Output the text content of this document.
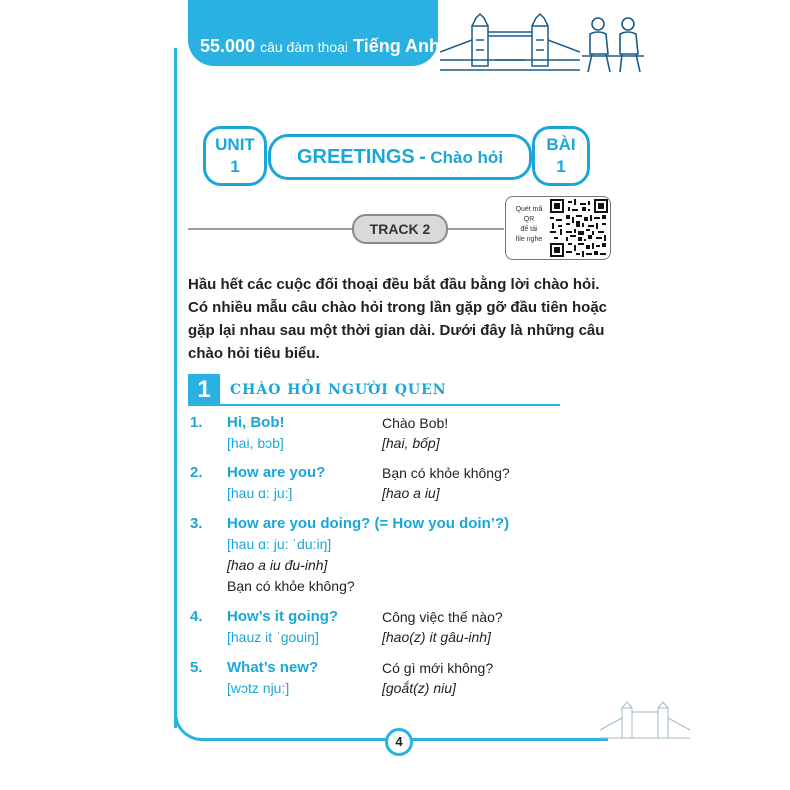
55.000 câu đàm thoại Tiếng Anh
UNIT
1	GREETINGS - Chào hỏi
BÀI
1
TRACK 2
Quét mã
QR
để tải
file nghe
Hầu hết các cuộc đối thoại đều bắt đầu bằng lời chào hỏi. Có nhiều mẫu câu chào hỏi trong lần gặp gỡ đầu tiên hoặc gặp lại nhau sau một thời gian dài. Dưới đây là những câu chào hỏi tiêu biểu.
1	CHÀO HỎI NGƯỜI QUEN
1. Hi, Bob!	Chào Bob!
[hai, bɔb]	[hai, bốp]
2. How are you?	Bạn có khỏe không?
[hau ɑ: ju:]	[hao a iu]
3. How are you doing? (= How you doin’?)
[hau ɑ: ju: ˈdu:iŋ]
[hao a iu đu-inh]
Bạn có khỏe không?
4. How’s it going?	Công việc thế nào?
[hauz it ˈgouiŋ]	[hao(z) it gâu-inh]
5. What’s new?	Có gì mới không?
[wɔtz nju:]	[goắt(z) niu]
4
